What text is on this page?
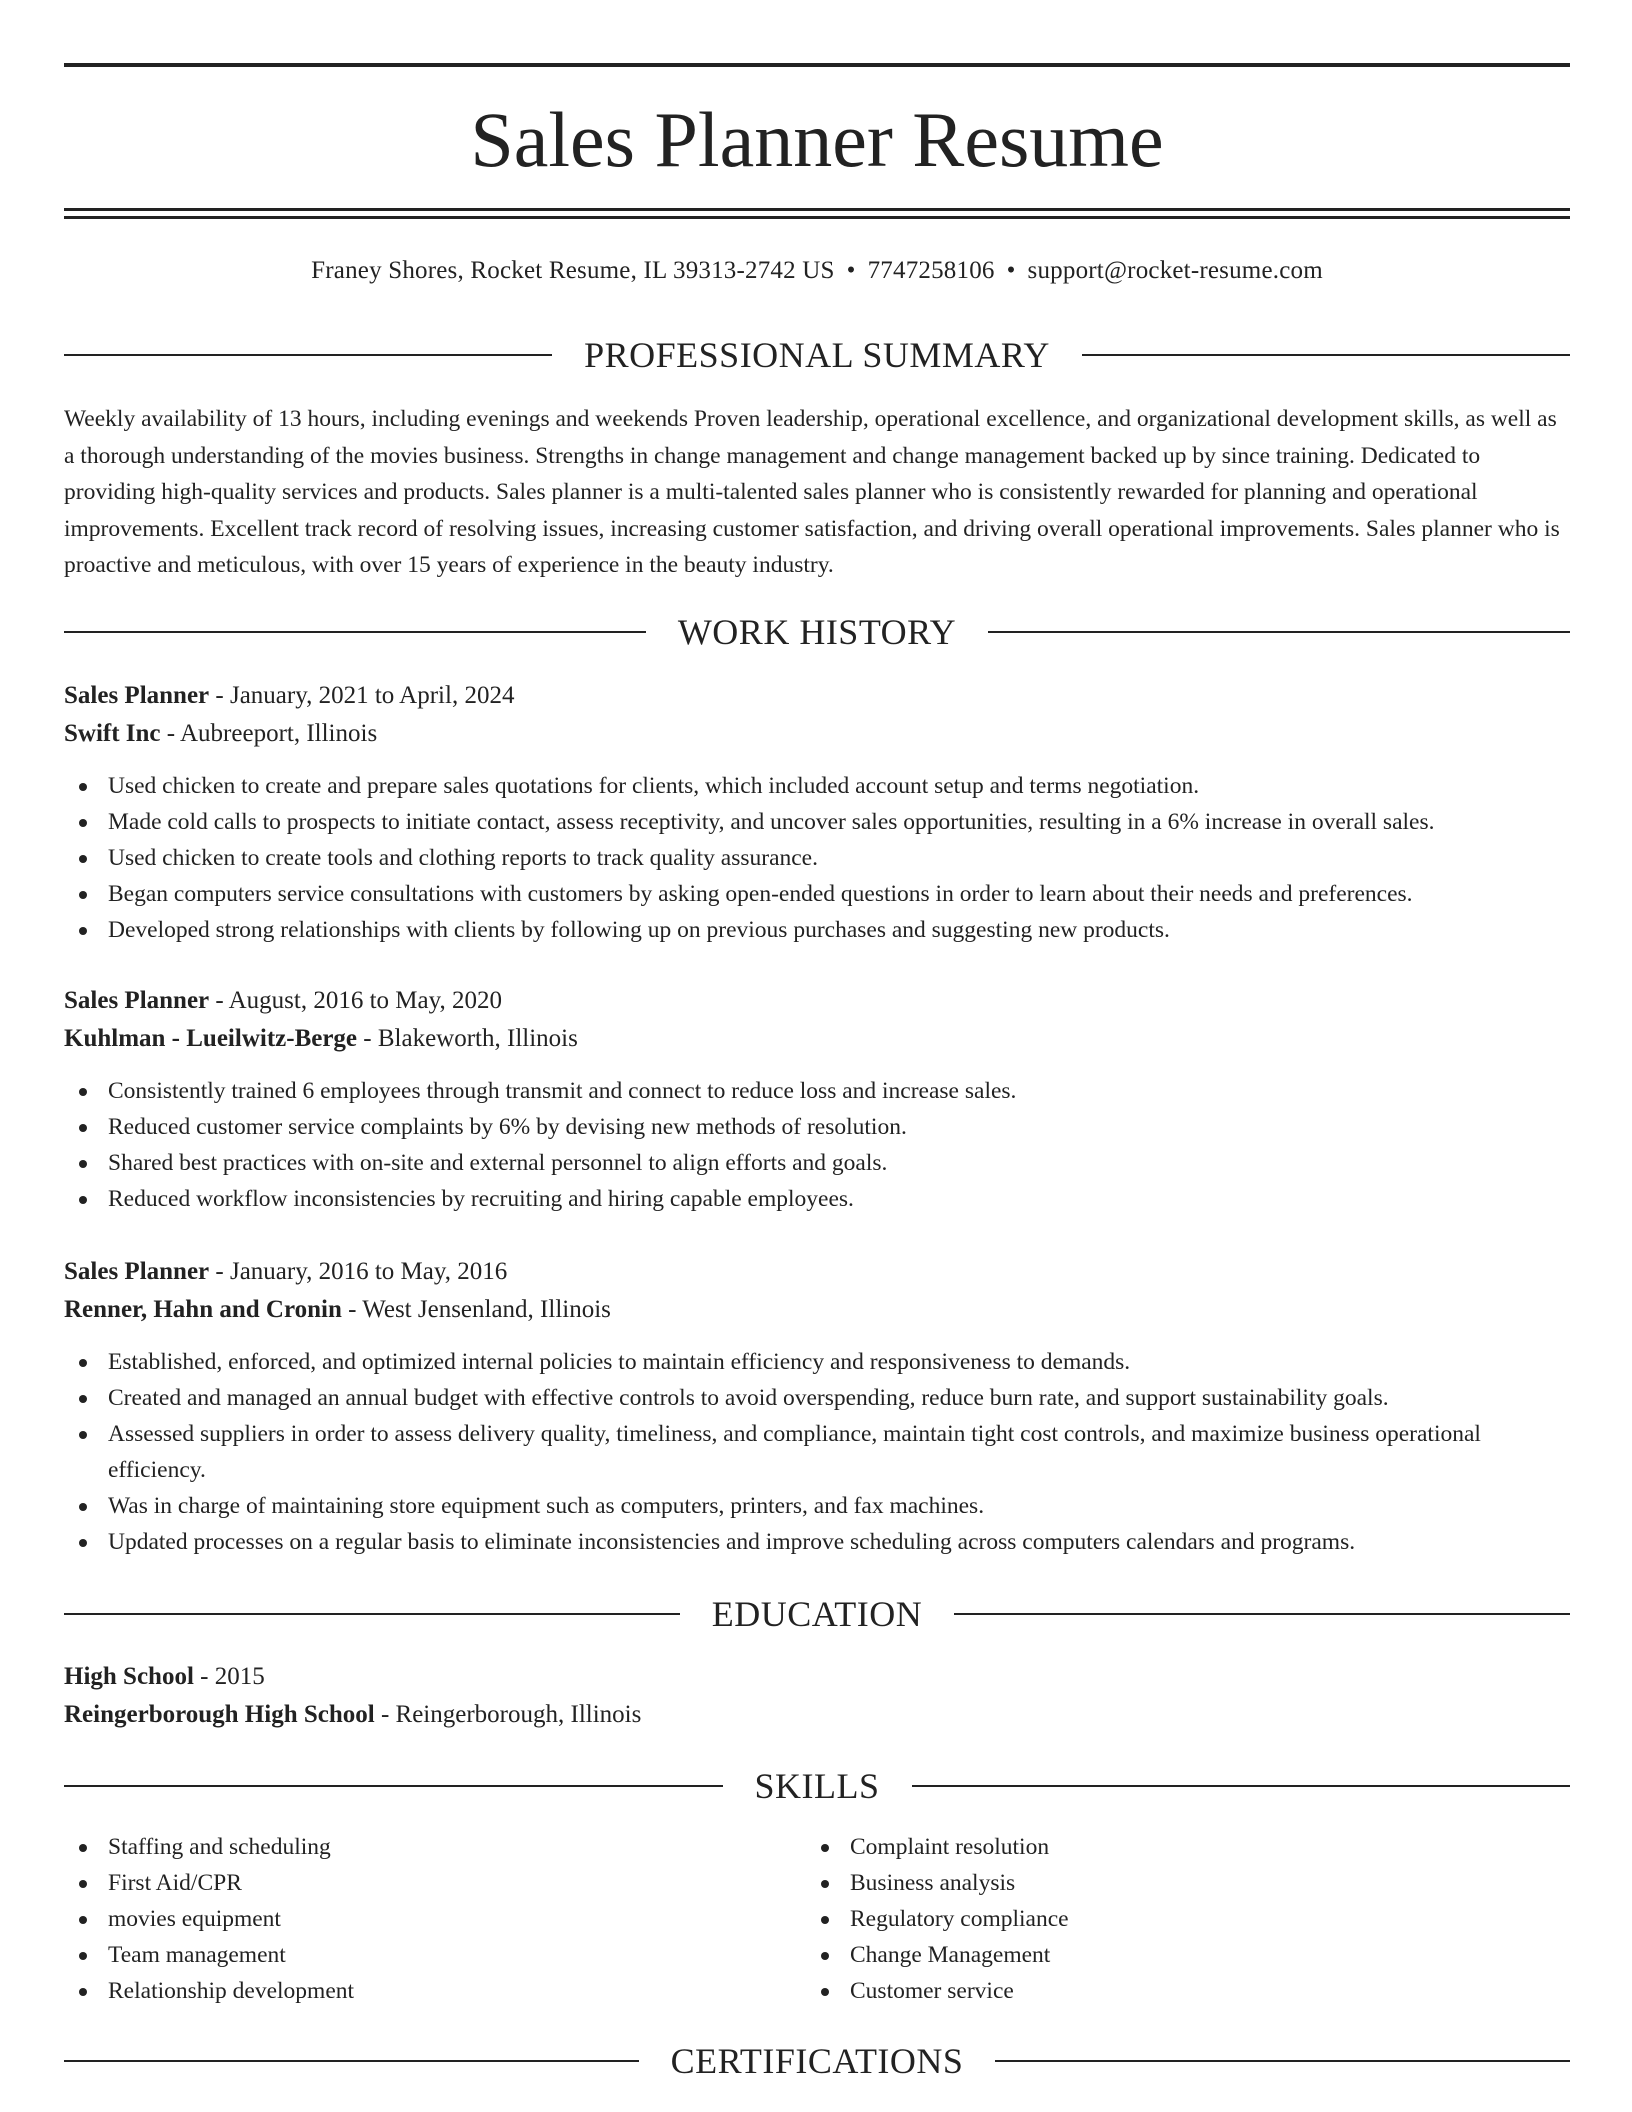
Sales Planner Resume
Franey Shores, Rocket Resume, IL 39313-2742 US • 7747258106 • support@rocket-resume.com
PROFESSIONAL SUMMARY

Weekly availability of 13 hours, including evenings and weekends Proven leadership, operational excellence, and organizational development skills, as well as a thorough understanding of the movies business. Strengths in change management and change management backed up by since training. Dedicated to providing high-quality services and products. Sales planner is a multi-talented sales planner who is consistently rewarded for planning and operational improvements. Excellent track record of resolving issues, increasing customer satisfaction, and driving overall operational improvements. Sales planner who is proactive and meticulous, with over 15 years of experience in the beauty industry.

WORK HISTORY

Sales Planner - January, 2021 to April, 2024

Swift Inc - Aubreeport, Illinois

Used chicken to create and prepare sales quotations for clients, which included account setup and terms negotiation.
Made cold calls to prospects to initiate contact, assess receptivity, and uncover sales opportunities, resulting in a 6% increase in overall sales.
Used chicken to create tools and clothing reports to track quality assurance.
Began computers service consultations with customers by asking open-ended questions in order to learn about their needs and preferences.
Developed strong relationships with clients by following up on previous purchases and suggesting new products.

Sales Planner - August, 2016 to May, 2020

Kuhlman - Lueilwitz-Berge - Blakeworth, Illinois

Consistently trained 6 employees through transmit and connect to reduce loss and increase sales.
Reduced customer service complaints by 6% by devising new methods of resolution.
Shared best practices with on-site and external personnel to align efforts and goals.
Reduced workflow inconsistencies by recruiting and hiring capable employees.

Sales Planner - January, 2016 to May, 2016

Renner, Hahn and Cronin - West Jensenland, Illinois

Established, enforced, and optimized internal policies to maintain efficiency and responsiveness to demands.
Created and managed an annual budget with effective controls to avoid overspending, reduce burn rate, and support sustainability goals.
Assessed suppliers in order to assess delivery quality, timeliness, and compliance, maintain tight cost controls, and maximize business operational efficiency.
Was in charge of maintaining store equipment such as computers, printers, and fax machines.
Updated processes on a regular basis to eliminate inconsistencies and improve scheduling across computers calendars and programs.
EDUCATION

High School - 2015

Reingerborough High School - Reingerborough, Illinois

SKILLS
Staffing and scheduling
First Aid/CPR
movies equipment
Team management
Relationship development
Complaint resolution
Business analysis
Regulatory compliance
Change Management
Customer service
CERTIFICATIONS
